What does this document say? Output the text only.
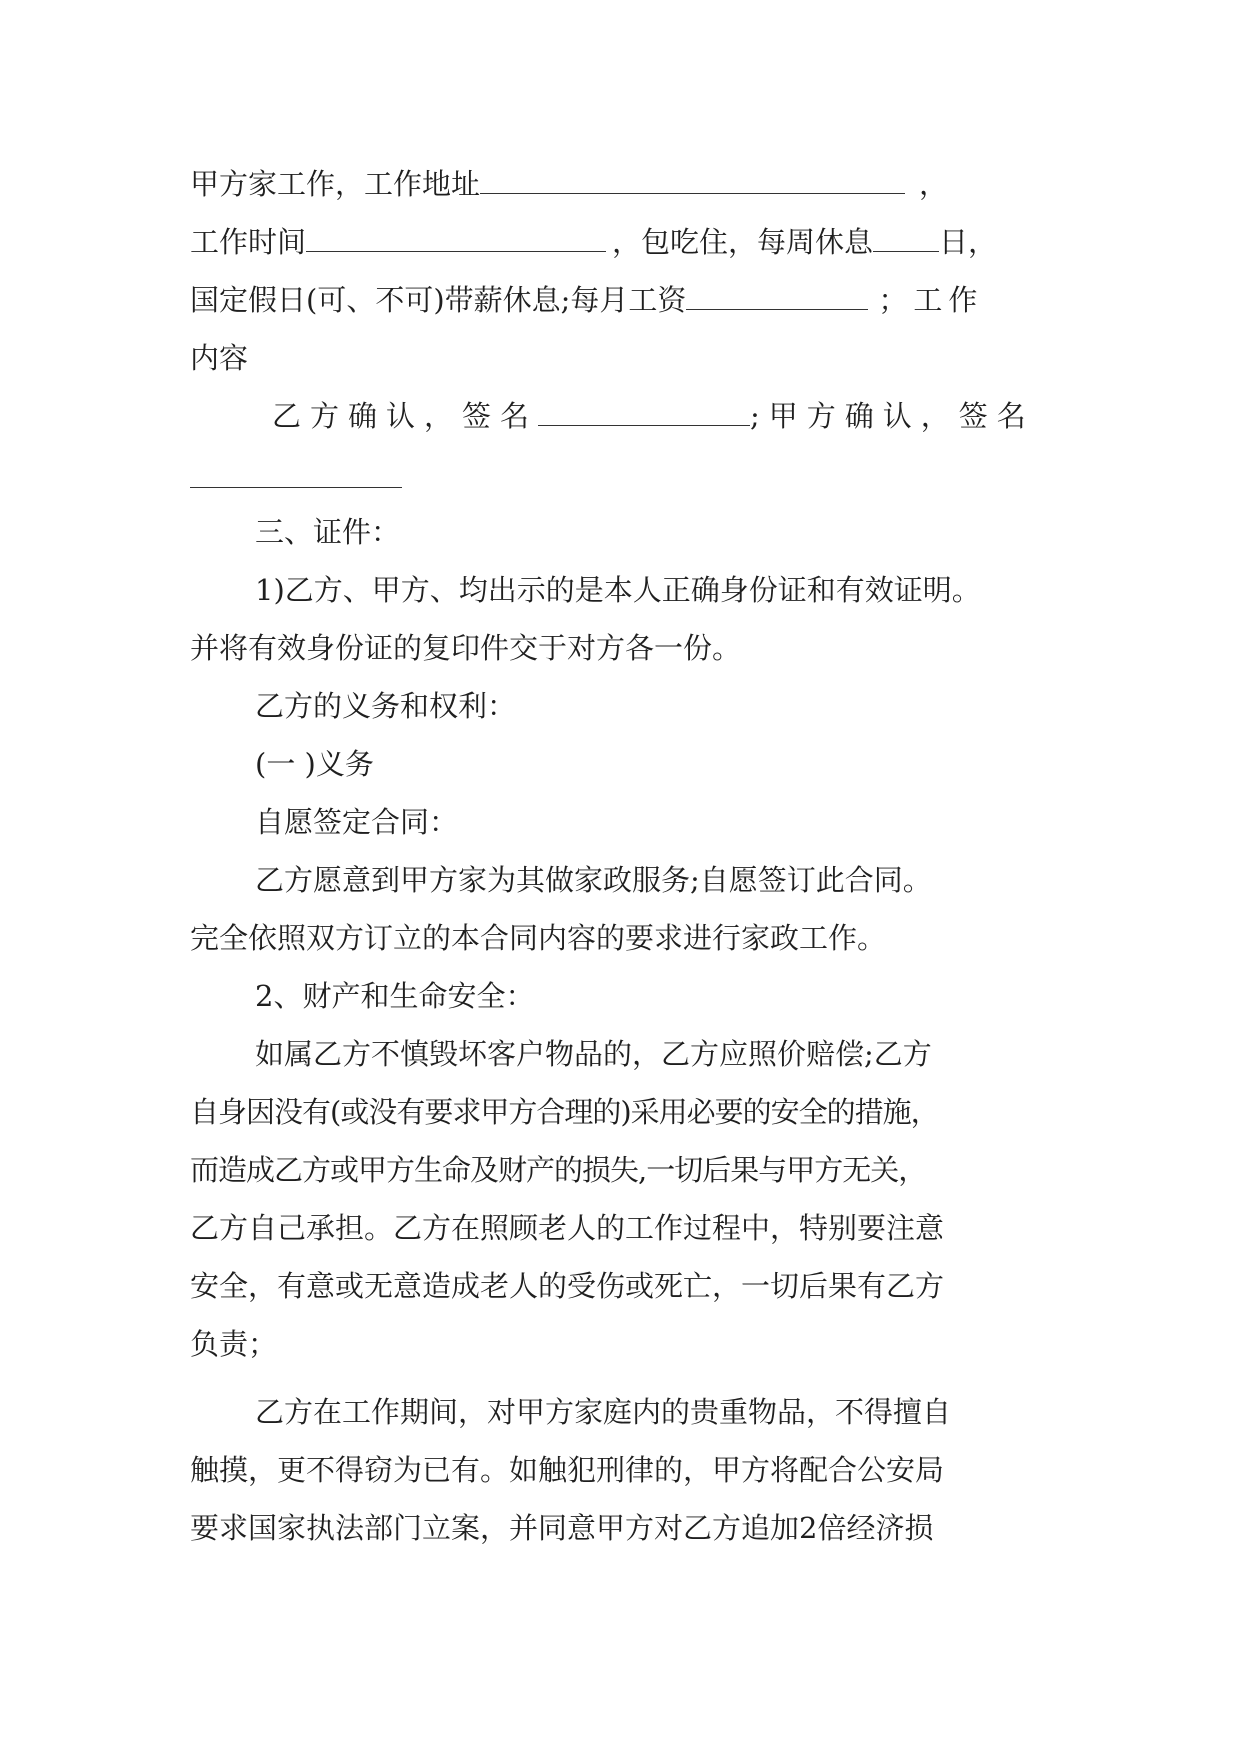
甲方家工作，工作地址	，
工作时间	，包吃住，每周休息 日，
国定假日(可、不可)带薪休息;每月工资	；工作
内容
乙方确认，签名	;甲方确认，签名
三、证件：
1)乙方、甲方、均出示的是本人正确身份证和有效证明。
并将有效身份证的复印件交于对方各一份。
乙方的义务和权利：
(一 )义务
自愿签定合同：
乙方愿意到甲方家为其做家政服务;自愿签订此合同。
完全依照双方订立的本合同内容的要求进行家政工作。
2、财产和生命安全：
如属乙方不慎毁坏客户物品的，乙方应照价赔偿;乙方
自身因没有(或没有要求甲方合理的)采用必要的安全的措施，
而造成乙方或甲方生命及财产的损失,一切后果与甲方无关，
乙方自己承担。乙方在照顾老人的工作过程中，特别要注意
安全，有意或无意造成老人的受伤或死亡，一切后果有乙方
负责；
乙方在工作期间，对甲方家庭内的贵重物品，不得擅自
触摸，更不得窃为已有。如触犯刑律的，甲方将配合公安局
要求国家执法部门立案，并同意甲方对乙方追加2倍经济损
